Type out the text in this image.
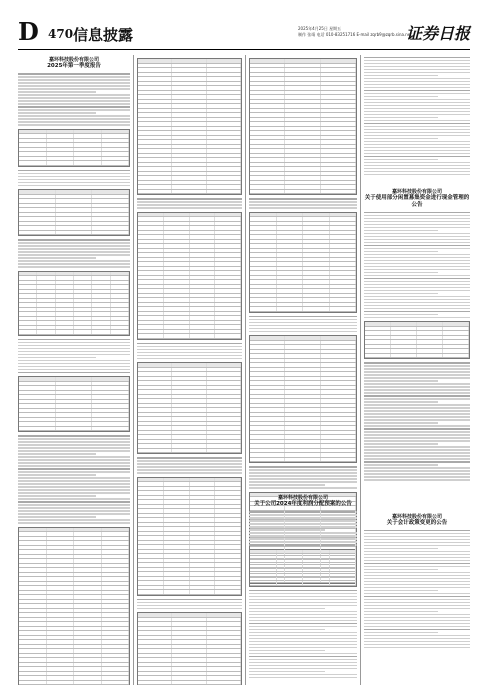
D 470 信息披露	2025年4月25日 星期五
制作 张靖 电话 010-83251716 E-mail zqrb9@zqrb.sina.net
证券日报
嘉环科技股份有限公司
2025年第一季度报告
嘉环科技股份有限公司
关于公司2024年度利润分配预案的公告
嘉环科技股份有限公司
关于使用部分闲置募集资金进行现金管理的公告
嘉环科技股份有限公司
关于会计政策变更的公告
